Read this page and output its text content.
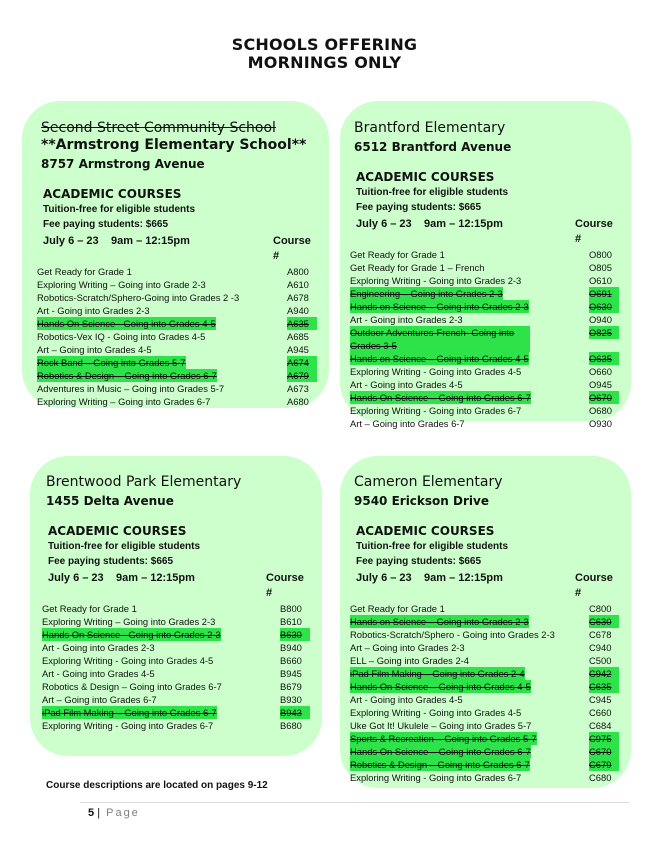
SCHOOLS OFFERING
MORNINGS ONLY
Second Street Community School
**Armstrong Elementary School**
8757 Armstrong Avenue
ACADEMIC COURSES
Tuition-free for eligible students
Fee paying students: $665
July 6 – 23	9am – 12:15pm	Course #
Get Ready for Grade 1	A800
Exploring Writing – Going into Grade 2-3	A610
Robotics-Scratch/Sphero-Going into Grades 2 -3	A678
Art - Going into Grades 2-3	A940
Hands On Science - Going into Grades 4-5	A635
Robotics-Vex IQ - Going into Grades 4-5	A685
Art – Going into Grades 4-5	A945
Rock Band – Going into Grades 5-7	A674
Robotics & Design – Going into Grades 6-7	A679
Adventures in Music – Going into Grades 5-7	A673
Exploring Writing – Going into Grades 6-7	A680
Brantford Elementary
6512 Brantford Avenue
ACADEMIC COURSES
Tuition-free for eligible students
Fee paying students: $665
July 6 – 23	9am – 12:15pm	Course #
Get Ready for Grade 1	O800
Get Ready for Grade 1 – French	O805
Exploring Writing - Going into Grades 2-3	O610
Engineering – Going into Grades 2-3	O691
Hands on Science – Going into Grades 2-3	O630
Art - Going into Grades 2-3	O940
Outdoor Adventures-French- Going into Grades 3-5
O825
Hands on Science – Going into Grades 4-5	O635
Exploring Writing - Going into Grades 4-5	O660
Art - Going into Grades 4-5	O945
Hands On Science – Going into Grades 6-7	O670
Exploring Writing - Going into Grades 6-7	O680
Art – Going into Grades 6-7	O930
Brentwood Park Elementary
1455 Delta Avenue
ACADEMIC COURSES
Tuition-free for eligible students
Fee paying students: $665
July 6 – 23	9am – 12:15pm	Course #
Get Ready for Grade 1	B800
Exploring Writing – Going into Grades 2-3	B610
Hands On Science - Going into Grades 2-3	B630
Art - Going into Grades 2-3	B940
Exploring Writing - Going into Grades 4-5	B660
Art - Going into Grades 4-5	B945
Robotics & Design – Going into Grades 6-7	B679
Art – Going into Grades 6-7	B930
iPad Film Making – Going into Grades 6-7	B943
Exploring Writing - Going into Grades 6-7	B680
Cameron Elementary
9540 Erickson Drive
ACADEMIC COURSES
Tuition-free for eligible students
Fee paying students: $665
July 6 – 23	9am – 12:15pm	Course #
Get Ready for Grade 1	C800
Hands on Science – Going into Grades 2-3	C630
Robotics-Scratch/Sphero - Going into Grades 2-3	C678
Art – Going into Grades 2-3	C940
ELL – Going into Grades 2-4	C500
iPad Film Making – Going into Grades 2-4	C942
Hands On Science – Going into Grades 4-5	C635
Art - Going into Grades 4-5	C945
Exploring Writing - Going into Grades 4-5	C660
Uke Got It! Ukulele – Going into Grades 5-7	C684
Sports & Recreation – Going into Grades 5-7	C975
Hands On Science – Going into Grades 6-7	C670
Robotics & Design – Going into Grades 6-7	C679
Exploring Writing - Going into Grades 6-7	C680
Course descriptions are located on pages 9-12
5 | Page
